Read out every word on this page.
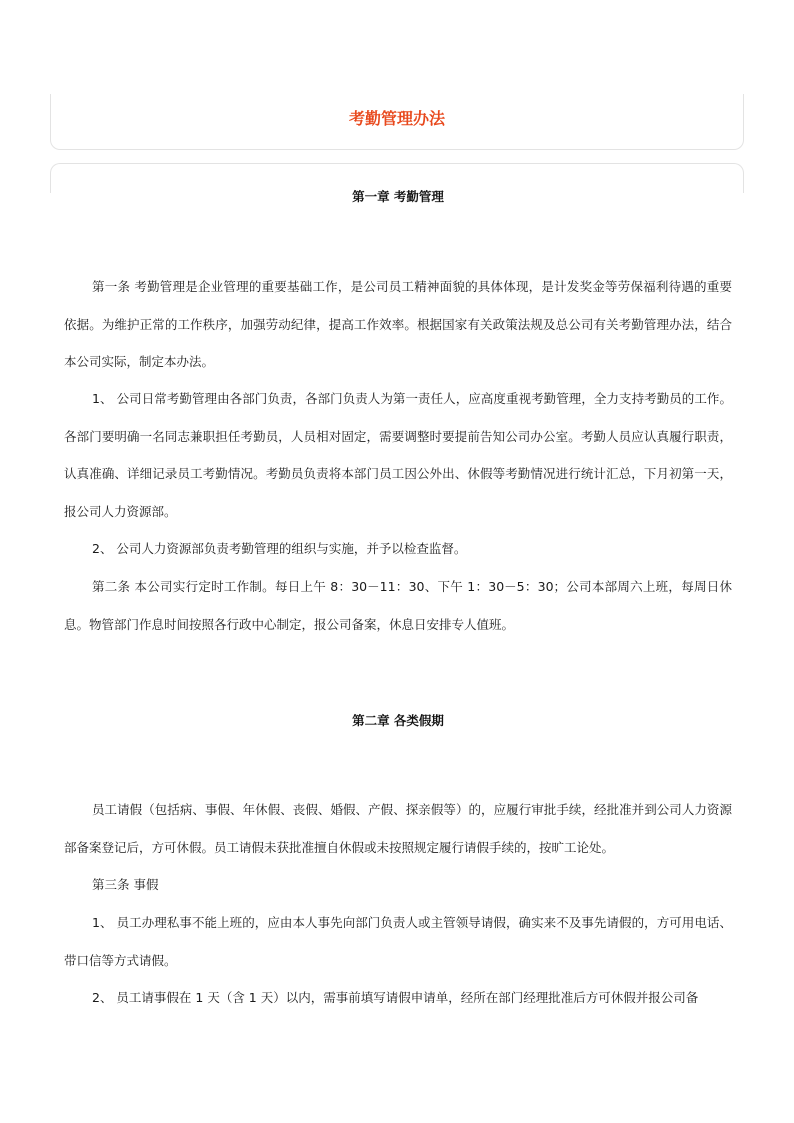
考勤管理办法
第一章 考勤管理

第一条 考勤管理是企业管理的重要基础工作，是公司员工精神面貌的具体体现，是计发奖金等劳保福利待遇的重要依据。为维护正常的工作秩序，加强劳动纪律，提高工作效率。根据国家有关政策法规及总公司有关考勤管理办法，结合本公司实际，制定本办法。

1、 公司日常考勤管理由各部门负责，各部门负责人为第一责任人，应高度重视考勤管理，全力支持考勤员的工作。各部门要明确一名同志兼职担任考勤员，人员相对固定，需要调整时要提前告知公司办公室。考勤人员应认真履行职责，认真准确、详细记录员工考勤情况。考勤员负责将本部门员工因公外出、休假等考勤情况进行统计汇总，下月初第一天，报公司人力资源部。

2、 公司人力资源部负责考勤管理的组织与实施，并予以检查监督。

第二条 本公司实行定时工作制。每日上午 8：30－11：30、下午 1：30－5：30；公司本部周六上班，每周日休息。物管部门作息时间按照各行政中心制定，报公司备案，休息日安排专人值班。

第二章 各类假期

员工请假（包括病、事假、年休假、丧假、婚假、产假、探亲假等）的，应履行审批手续，经批准并到公司人力资源部备案登记后，方可休假。员工请假未获批准擅自休假或未按照规定履行请假手续的，按旷工论处。

第三条 事假

1、 员工办理私事不能上班的，应由本人事先向部门负责人或主管领导请假，确实来不及事先请假的，方可用电话、带口信等方式请假。

2、 员工请事假在 1 天（含 1 天）以内，需事前填写请假申请单，经所在部门经理批准后方可休假并报公司备
